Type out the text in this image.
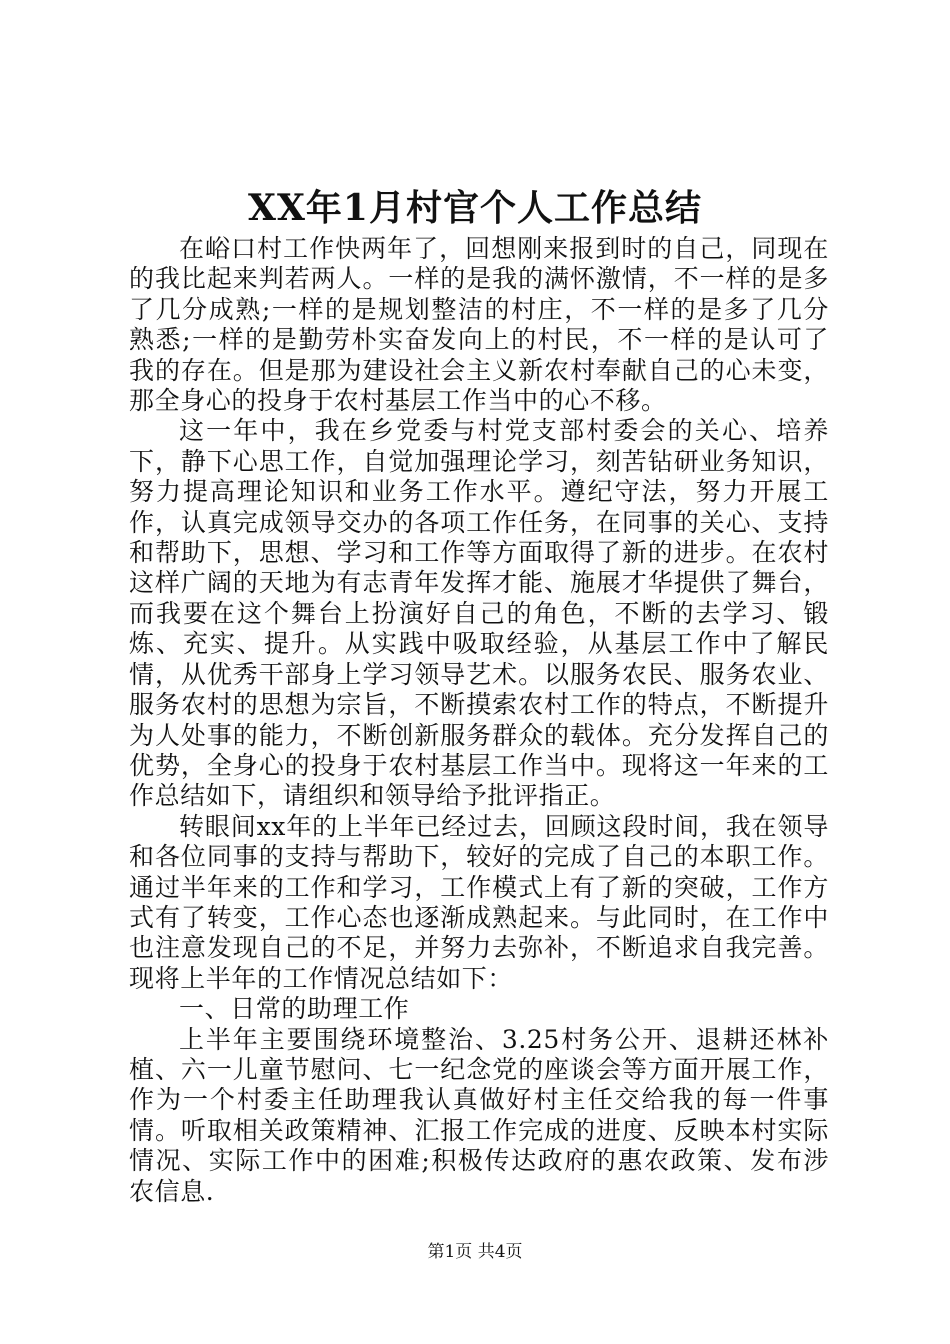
XX年1月村官个人工作总结

在峪口村工作快两年了，回想刚来报到时的自己，同现在的我比起来判若两人。一样的是我的满怀激情，不一样的是多了几分成熟;一样的是规划整洁的村庄，不一样的是多了几分熟悉;一样的是勤劳朴实奋发向上的村民，不一样的是认可了我的存在。但是那为建设社会主义新农村奉献自己的心未变，那全身心的投身于农村基层工作当中的心不移。

这一年中，我在乡党委与村党支部村委会的关心、培养下，静下心思工作，自觉加强理论学习，刻苦钻研业务知识，努力提高理论知识和业务工作水平。遵纪守法，努力开展工作，认真完成领导交办的各项工作任务，在同事的关心、支持和帮助下，思想、学习和工作等方面取得了新的进步。在农村这样广阔的天地为有志青年发挥才能、施展才华提供了舞台，而我要在这个舞台上扮演好自己的角色，不断的去学习、锻炼、充实、提升。从实践中吸取经验，从基层工作中了解民情，从优秀干部身上学习领导艺术。以服务农民、服务农业、服务农村的思想为宗旨，不断摸索农村工作的特点，不断提升为人处事的能力，不断创新服务群众的载体。充分发挥自己的优势，全身心的投身于农村基层工作当中。现将这一年来的工作总结如下，请组织和领导给予批评指正。

转眼间xx年的上半年已经过去，回顾这段时间，我在领导和各位同事的支持与帮助下，较好的完成了自己的本职工作。通过半年来的工作和学习，工作模式上有了新的突破，工作方式有了转变，工作心态也逐渐成熟起来。与此同时，在工作中也注意发现自己的不足，并努力去弥补，不断追求自我完善。现将上半年的工作情况总结如下：

一、日常的助理工作

上半年主要围绕环境整治、3.25村务公开、退耕还林补植、六一儿童节慰问、七一纪念党的座谈会等方面开展工作，作为一个村委主任助理我认真做好村主任交给我的每一件事情。听取相关政策精神、汇报工作完成的进度、反映本村实际情况、实际工作中的困难;积极传达政府的惠农政策、发布涉农信息.

第1页 共4页
